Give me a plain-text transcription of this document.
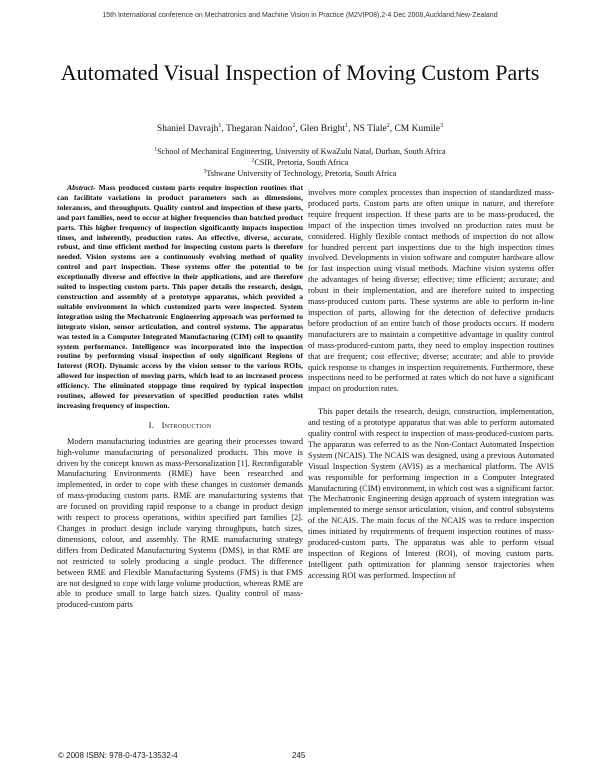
15th International conference on Mechatronics and Machine Vision in Practice (M2VIP08),2-4 Dec 2008,Auckland,New-Zealand
Automated Visual Inspection of Moving Custom Parts
Shaniel Davrajh$^1$, Thegaran Naidoo$^2$, Glen Bright$^1$, NS Tlale$^2$, CM Kumile$^3$
$^1$School of Mechanical Engineering, University of KwaZulu Natal, Durban, South Africa
$^2$CSIR, Pretoria, South Africa
$^3$Tshwane University of Technology, Pretoria, South Africa

Abstract- Mass produced custom parts require inspection routines that can facilitate variations in product parameters such as dimensions, tolerances, and throughputs. Quality control and inspection of these parts, and part families, need to occur at higher frequencies than batched product parts. This higher frequency of inspection significantly impacts inspection times, and inherently, production rates. An effective, diverse, accurate, robust, and time efficient method for inspecting custom parts is therefore needed. Vision systems are a continuously evolving method of quality control and part inspection. These systems offer the potential to be exceptionally diverse and effective in their applications, and are therefore suited to inspecting custom parts. This paper details the research, design, construction and assembly of a prototype apparatus, which provided a suitable environment in which customized parts were inspected. System integration using the Mechatronic Engineering approach was performed to integrate vision, sensor articulation, and control systems. The apparatus was tested in a Computer Integrated Manufacturing (CIM) cell to quantify system performance. Intelligence was incorporated into the inspection routine by performing visual inspection of only significant Regions of Interest (ROI). Dynamic access by the vision sensor to the various ROIs, allowed for inspection of moving parts, which lead to an increased process efficiency. The eliminated stoppage time required by typical inspection routines, allowed for preservation of specified production rates whilst increasing frequency of inspection.

I. Introduction

Modern manufacturing industries are gearing their processes toward high-volume manufacturing of personalized products. This move is driven by the concept known as mass-Personalization [1]. Reconfigurable Manufacturing Environments (RME) have been researched and implemented, in order to cope with these changes in customer demands of mass-producing custom parts. RME are manufacturing systems that are focused on providing rapid response to a change in product design with respect to process operations, within specified part families [2]. Changes in product design include varying throughputs, batch sizes, dimensions, colour, and assembly. The RME manufacturing strategy differs from Dedicated Manufacturing Systems (DMS), in that RME are not restricted to solely producing a single product. The difference between RME and Flexible Manufacturing Systems (FMS) is that FMS are not designed to cope with large volume production, whereas RME are able to produce small to large batch sizes. Quality control of mass-produced-custom parts

involves more complex processes than inspection of standardized mass- produced parts. Custom parts are often unique in nature, and therefore require frequent inspection. If these parts are to be mass-produced, the impact of the inspection times involved on production rates must be considered. Highly flexible contact methods of inspection do not allow for hundred percent part inspections due to the high inspection times involved. Developments in vision software and computer hardware allow for fast inspection using visual methods. Machine vision systems offer the advantages of being diverse; effective; time efficient; accurate; and robust in their implementation, and are therefore suited to inspecting mass-produced custom parts. These systems are able to perform in-line inspection of parts, allowing for the detection of defective products before production of an entire batch of those products occurs. If modern manufacturers are to maintain a competitive advantage in quality control of mass-produced-custom parts, they need to employ inspection routines that are frequent; cost effective; diverse; accurate; and able to provide quick response to changes in inspection requirements. Furthermore, these inspections need to be performed at rates which do not have a significant impact on production rates.

This paper details the research, design, construction, implementation, and testing of a prototype apparatus that was able to perform automated quality control with respect to inspection of mass-produced-custom parts. The apparatus was referred to as the Non-Contact Automated Inspection System (NCAIS). The NCAIS was designed, using a previous Automated Visual Inspection System (AVIS) as a mechanical platform. The AVIS was responsible for performing inspection in a Computer Integrated Manufacturing (CIM) environment, in which cost was a significant factor. The Mechatronic Engineering design approach of system integration was implemented to merge sensor articulation, vision, and control subsystems of the NCAIS. The main focus of the NCAIS was to reduce inspection times initiated by requirements of frequent inspection routines of mass-produced-custom parts. The apparatus was able to perform visual inspection of Regions of Interest (ROI), of moving custom parts. Intelligent path optimization for planning sensor trajectories when accessing ROI was performed. Inspection of

© 2008 ISBN: 978-0-473-13532-4	245
